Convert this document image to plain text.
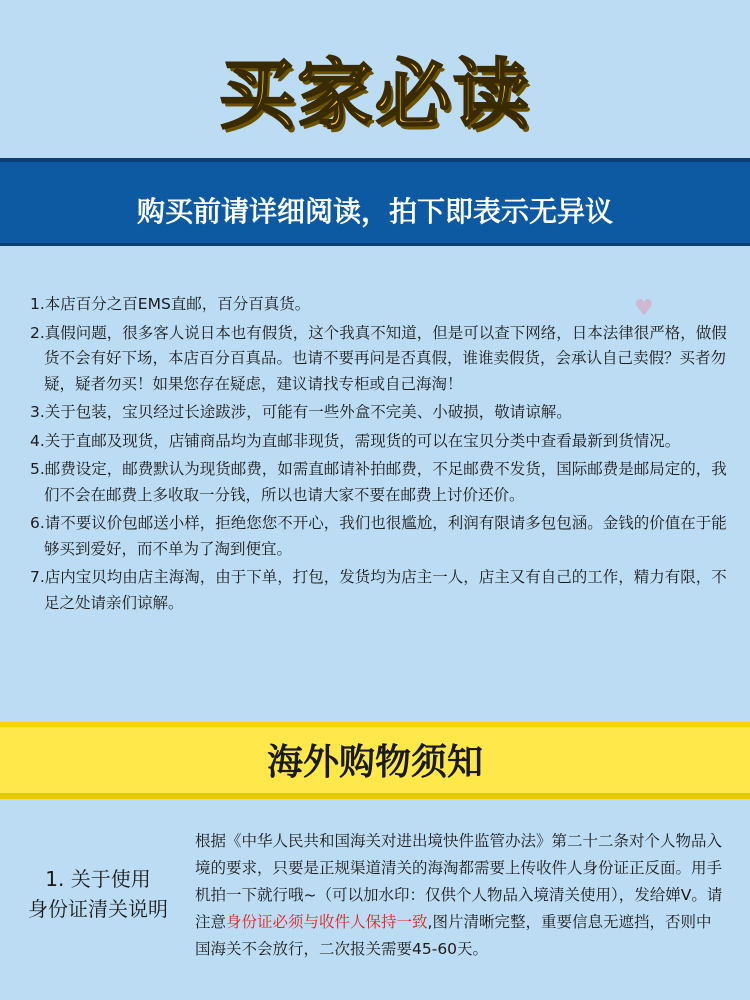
买家必读
购买前请详细阅读，拍下即表示无异议
♥

1.本店百分之百EMS直邮，百分百真货。

2.真假问题，很多客人说日本也有假货，这个我真不知道，但是可以查下网络，日本法律很严格，做假货不会有好下场，本店百分百真品。也请不要再问是否真假，谁谁卖假货，会承认自己卖假？买者勿疑，疑者勿买！如果您存在疑虑，建议请找专柜或自己海淘！

3.关于包装，宝贝经过长途跋涉，可能有一些外盒不完美、小破损，敬请谅解。

4.关于直邮及现货，店铺商品均为直邮非现货，需现货的可以在宝贝分类中查看最新到货情况。

5.邮费设定，邮费默认为现货邮费，如需直邮请补拍邮费，不足邮费不发货，国际邮费是邮局定的，我们不会在邮费上多收取一分钱，所以也请大家不要在邮费上讨价还价。

6.请不要议价包邮送小样，拒绝您您不开心，我们也很尴尬，利润有限请多包包涵。金钱的价值在于能够买到爱好，而不单为了淘到便宜。

7.店内宝贝均由店主海淘，由于下单，打包，发货均为店主一人，店主又有自己的工作，精力有限，不足之处请亲们谅解。

海外购物须知
1. 关于使用
身份证清关说明
根据《中华人民共和国海关对进出境快件监管办法》第二十二条对个人物品入境的要求，只要是正规渠道清关的海淘都需要上传收件人身份证正反面。用手机拍一下就行哦~（可以加水印：仅供个人物品入境清关使用），发给婵V。请注意身份证必须与收件人保持一致,图片清晰完整，重要信息无遮挡，否则中国海关不会放行，二次报关需要45-60天。
